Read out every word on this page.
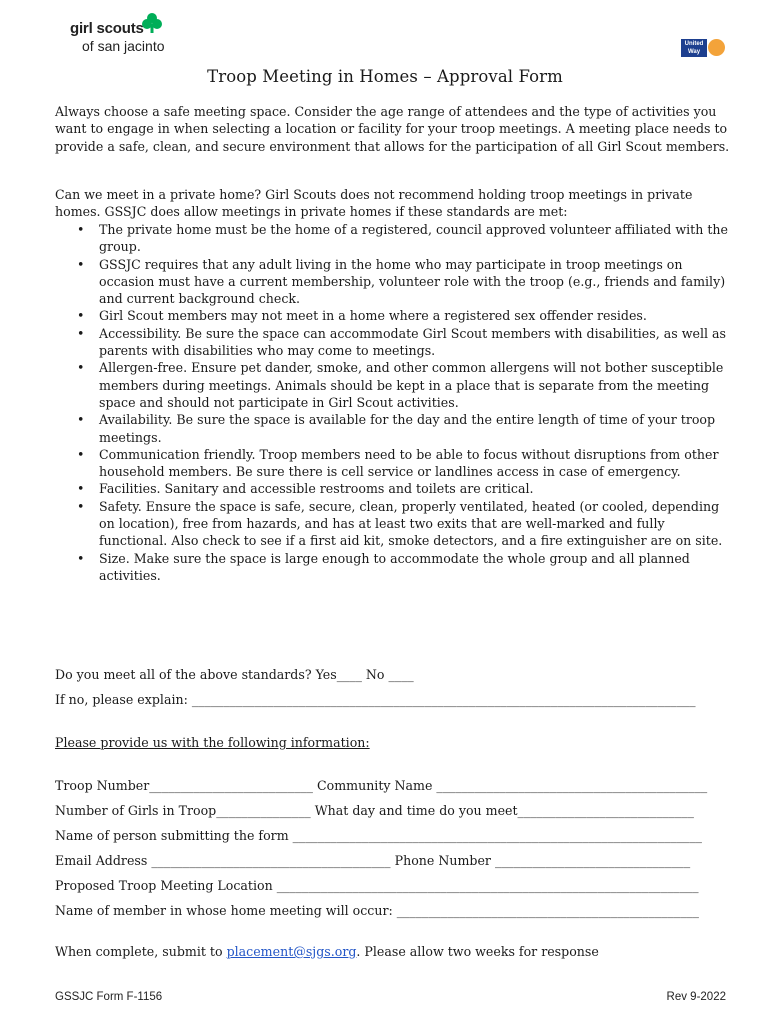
girl scouts
of san jacinto	United Way
Troop Meeting in Homes – Approval Form

Always choose a safe meeting space. Consider the age range of attendees and the type of activities you want to engage in when selecting a location or facility for your troop meetings. A meeting place needs to provide a safe, clean, and secure environment that allows for the participation of all Girl Scout members.

Can we meet in a private home? Girl Scouts does not recommend holding troop meetings in private homes. GSSJC does allow meetings in private homes if these standards are met:

• The private home must be the home of a registered, council approved volunteer affiliated with the group.
• GSSJC requires that any adult living in the home who may participate in troop meetings on occasion must have a current membership, volunteer role with the troop (e.g., friends and family) and current background check.
• Girl Scout members may not meet in a home where a registered sex offender resides.
• Accessibility. Be sure the space can accommodate Girl Scout members with disabilities, as well as parents with disabilities who may come to meetings.
• Allergen-free. Ensure pet dander, smoke, and other common allergens will not bother susceptible members during meetings. Animals should be kept in a place that is separate from the meeting space and should not participate in Girl Scout activities.
• Availability. Be sure the space is available for the day and the entire length of time of your troop meetings.
• Communication friendly. Troop members need to be able to focus without disruptions from other household members. Be sure there is cell service or landlines access in case of emergency.
• Facilities. Sanitary and accessible restrooms and toilets are critical.
• Safety. Ensure the space is safe, secure, clean, properly ventilated, heated (or cooled, depending on location), free from hazards, and has at least two exits that are well-marked and fully functional. Also check to see if a first aid kit, smoke detectors, and a fire extinguisher are on site.
• Size. Make sure the space is large enough to accommodate the whole group and all planned activities.
Do you meet all of the above standards? Yes____ No ____
If no, please explain: ________________________________________________________________________________
Please provide us with the following information:
Troop Number__________________________ Community Name ___________________________________________
Number of Girls in Troop_______________ What day and time do you meet____________________________
Name of person submitting the form _________________________________________________________________
Email Address ______________________________________ Phone Number _______________________________
Proposed Troop Meeting Location ___________________________________________________________________
Name of member in whose home meeting will occur: ________________________________________________
When complete, submit to placement@sjgs.org. Please allow two weeks for response
GSSJC Form F-1156	Rev 9-2022
